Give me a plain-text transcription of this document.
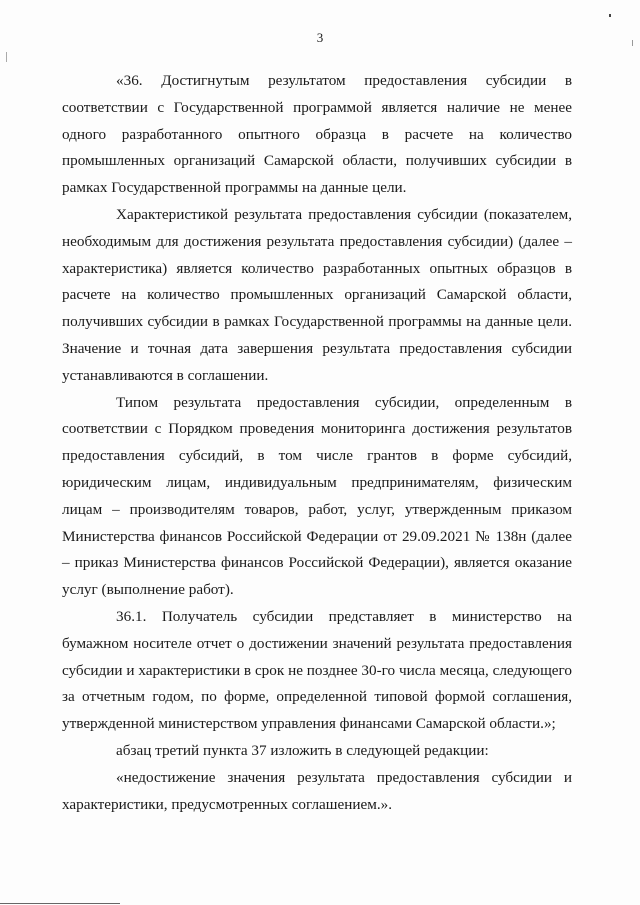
3

«36. Достигнутым результатом предоставления субсидии в соответствии с Государственной программой является наличие не менее одного разработанного опытного образца в расчете на количество промышленных организаций Самарской области, получивших субсидии в рамках Государственной программы на данные цели.

Характеристикой результата предоставления субсидии (показателем, необходимым для достижения результата предоставления субсидии) (далее – характеристика) является количество разработанных опытных образцов в расчете на количество промышленных организаций Самарской области, получивших субсидии в рамках Государственной программы на данные цели. Значение и точная дата завершения результата предоставления субсидии устанавливаются в соглашении.

Типом результата предоставления субсидии, определенным в соответствии с Порядком проведения мониторинга достижения результатов предоставления субсидий, в том числе грантов в форме субсидий, юридическим лицам, индивидуальным предпринимателям, физическим лицам – производителям товаров, работ, услуг, утвержденным приказом Министерства финансов Российской Федерации от 29.09.2021 № 138н (далее – приказ Министерства финансов Российской Федерации), является оказание услуг (выполнение работ).

36.1. Получатель субсидии представляет в министерство на бумажном носителе отчет о достижении значений результата предоставления субсидии и характеристики в срок не позднее 30-го числа месяца, следующего за отчетным годом, по форме, определенной типовой формой соглашения, утвержденной министерством управления финансами Самарской области.»;

абзац третий пункта 37 изложить в следующей редакции:

«недостижение значения результата предоставления субсидии и характеристики, предусмотренных соглашением.».
